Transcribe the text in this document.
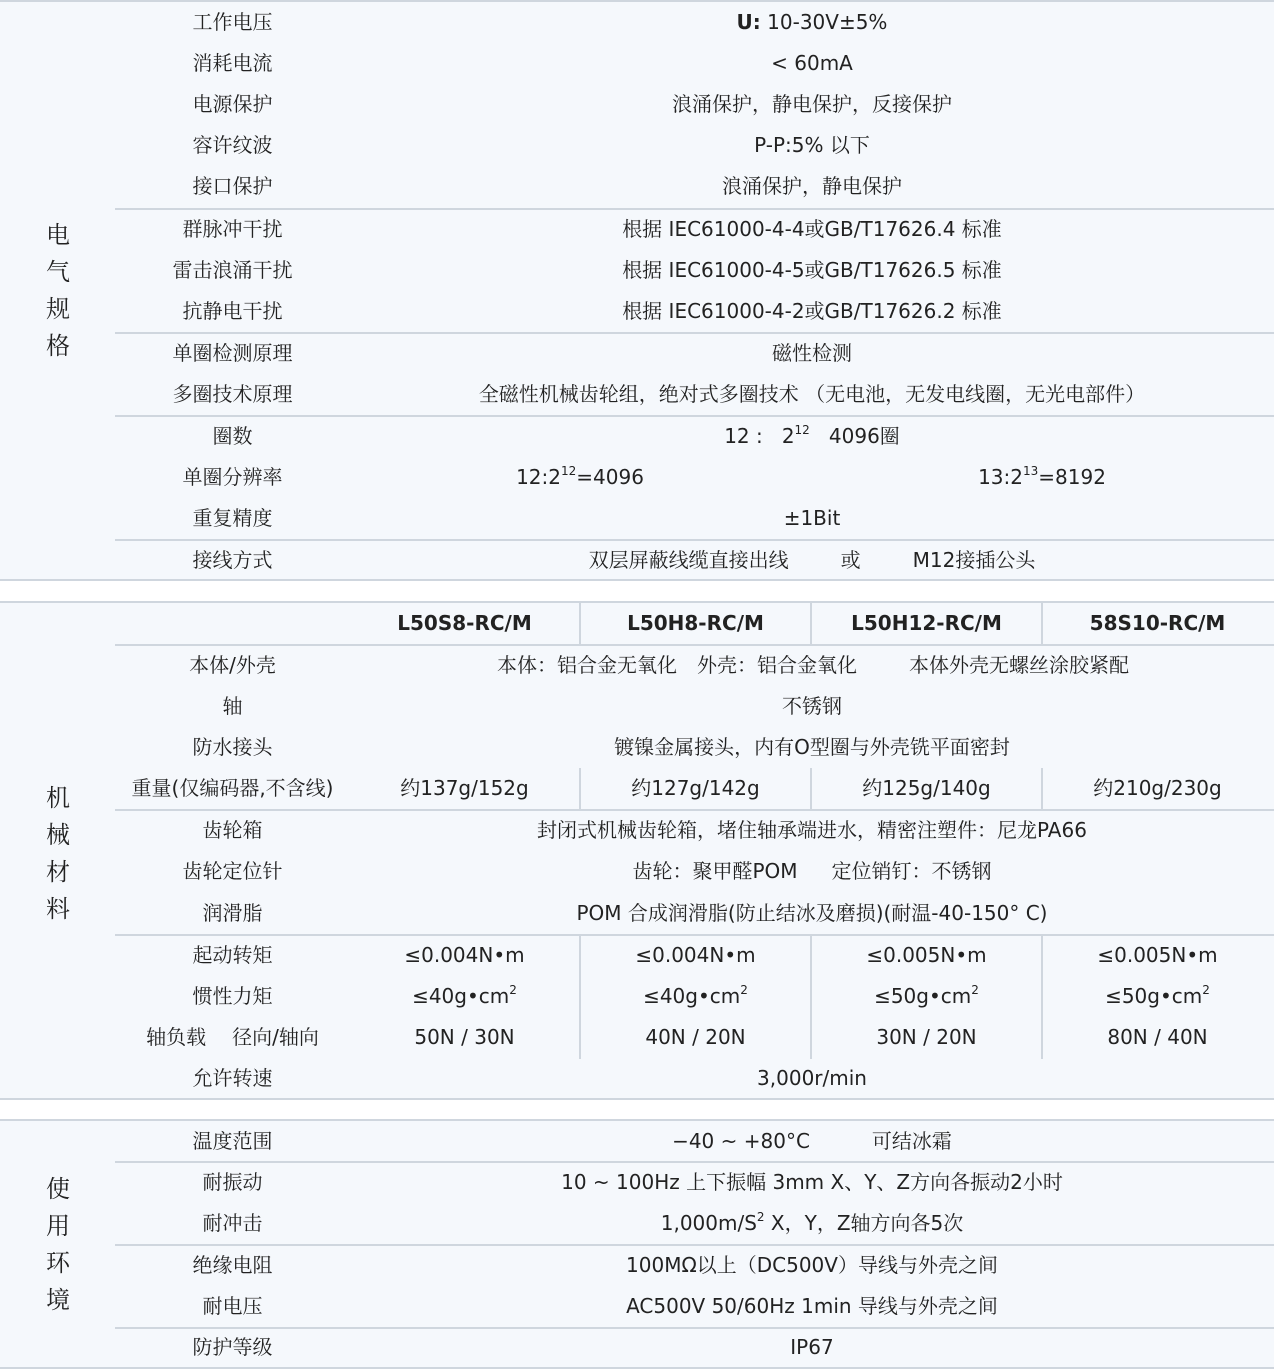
电
气
规
格
工作电压	U: 10-30V±5%
消耗电流	< 60mA
电源保护	浪涌保护，静电保护，反接保护
容许纹波	P-P:5% 以下
接口保护	浪涌保护，静电保护
群脉冲干扰	根据 IEC61000-4-4或GB/T17626.4 标准
雷击浪涌干扰	根据 IEC61000-4-5或GB/T17626.5 标准
抗静电干扰	根据 IEC61000-4-2或GB/T17626.2 标准
单圈检测原理	磁性检测
多圈技术原理	全磁性机械齿轮组，绝对式多圈技术 （无电池，无发电线圈，无光电部件）
圈数	12 : $2^{12}$ 4096圈
单圈分辨率	$12:2^{12}=4096$	$13:2^{13}=8192$
重复精度	±1Bit
接线方式	双层屏蔽线缆直接出线	或	M12接插公头
机
械
材
料
L50S8-RC/M	L50H8-RC/M	L50H12-RC/M	58S10-RC/M
本体/外壳	本体：铝合金无氧化 外壳：铝合金氧化	本体外壳无螺丝涂胶紧配
轴	不锈钢
防水接头	镀镍金属接头，内有O型圈与外壳铣平面密封
重量(仅编码器,不含线)	约137g/152g	约127g/142g	约125g/140g	约210g/230g
齿轮箱	封闭式机械齿轮箱，堵住轴承端进水，精密注塑件：尼龙PA66
齿轮定位针	齿轮：聚甲醛POM 定位销钉：不锈钢
润滑脂	POM 合成润滑脂(防止结冰及磨损)(耐温-40-150° C)
起动转矩	≤0.004N•m	≤0.004N•m	≤0.005N•m	≤0.005N•m
惯性力矩	$\le 40g•cm^2$	$\le 40g•cm^2$	$\le 50g•cm^2$	$\le 50g•cm^2$
轴负载 径向/轴向	50N / 30N	40N / 20N	30N / 20N	80N / 40N
允许转速	3,000r/min
使
用
环
境
温度范围	−40 ~ +80°C	可结冰霜
耐振动	10 ~ 100Hz 上下振幅 3mm X、Y、Z方向各振动2小时
耐冲击	$1,000m/S^2$ X，Y，Z轴方向各5次
绝缘电阻	100MΩ以上（DC500V）导线与外壳之间
耐电压	AC500V 50/60Hz 1min 导线与外壳之间
防护等级	IP67
